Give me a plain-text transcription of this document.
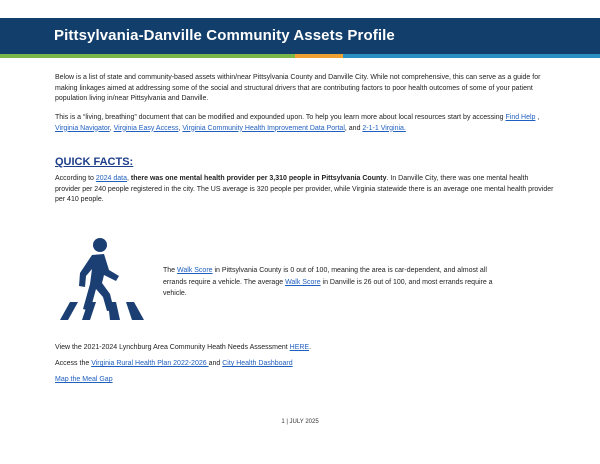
Pittsylvania-Danville Community Assets Profile

Below is a list of state and community-based assets within/near Pittsylvania County and Danville City. While not comprehensive, this can serve as a guide for making linkages aimed at addressing some of the social and structural drivers that are contributing factors to poor health outcomes of some of your patient population living in/near Pittsylvania and Danville.

This is a “living, breathing” document that can be modified and expounded upon. To help you learn more about local resources start by accessing Find Help , Virginia Navigator, Virginia Easy Access, Virginia Community Health Improvement Data Portal, and 2-1-1 Virginia.

QUICK FACTS:

According to 2024 data, there was one mental health provider per 3,310 people in Pittsylvania County. In Danville City, there was one mental health provider per 240 people registered in the city. The US average is 320 people per provider, while Virginia statewide there is an average one mental health provider per 410 people.

The Walk Score in Pittsylvania County is 0 out of 100, meaning the area is car-dependent, and almost all errands require a vehicle. The average Walk Score in Danville is 26 out of 100, and most errands require a vehicle.
View the 2021-2024 Lynchburg Area Community Heath Needs Assessment HERE.
Access the Virginia Rural Health Plan 2022-2026 and City Health Dashboard
Map the Meal Gap
1 | JULY 2025
